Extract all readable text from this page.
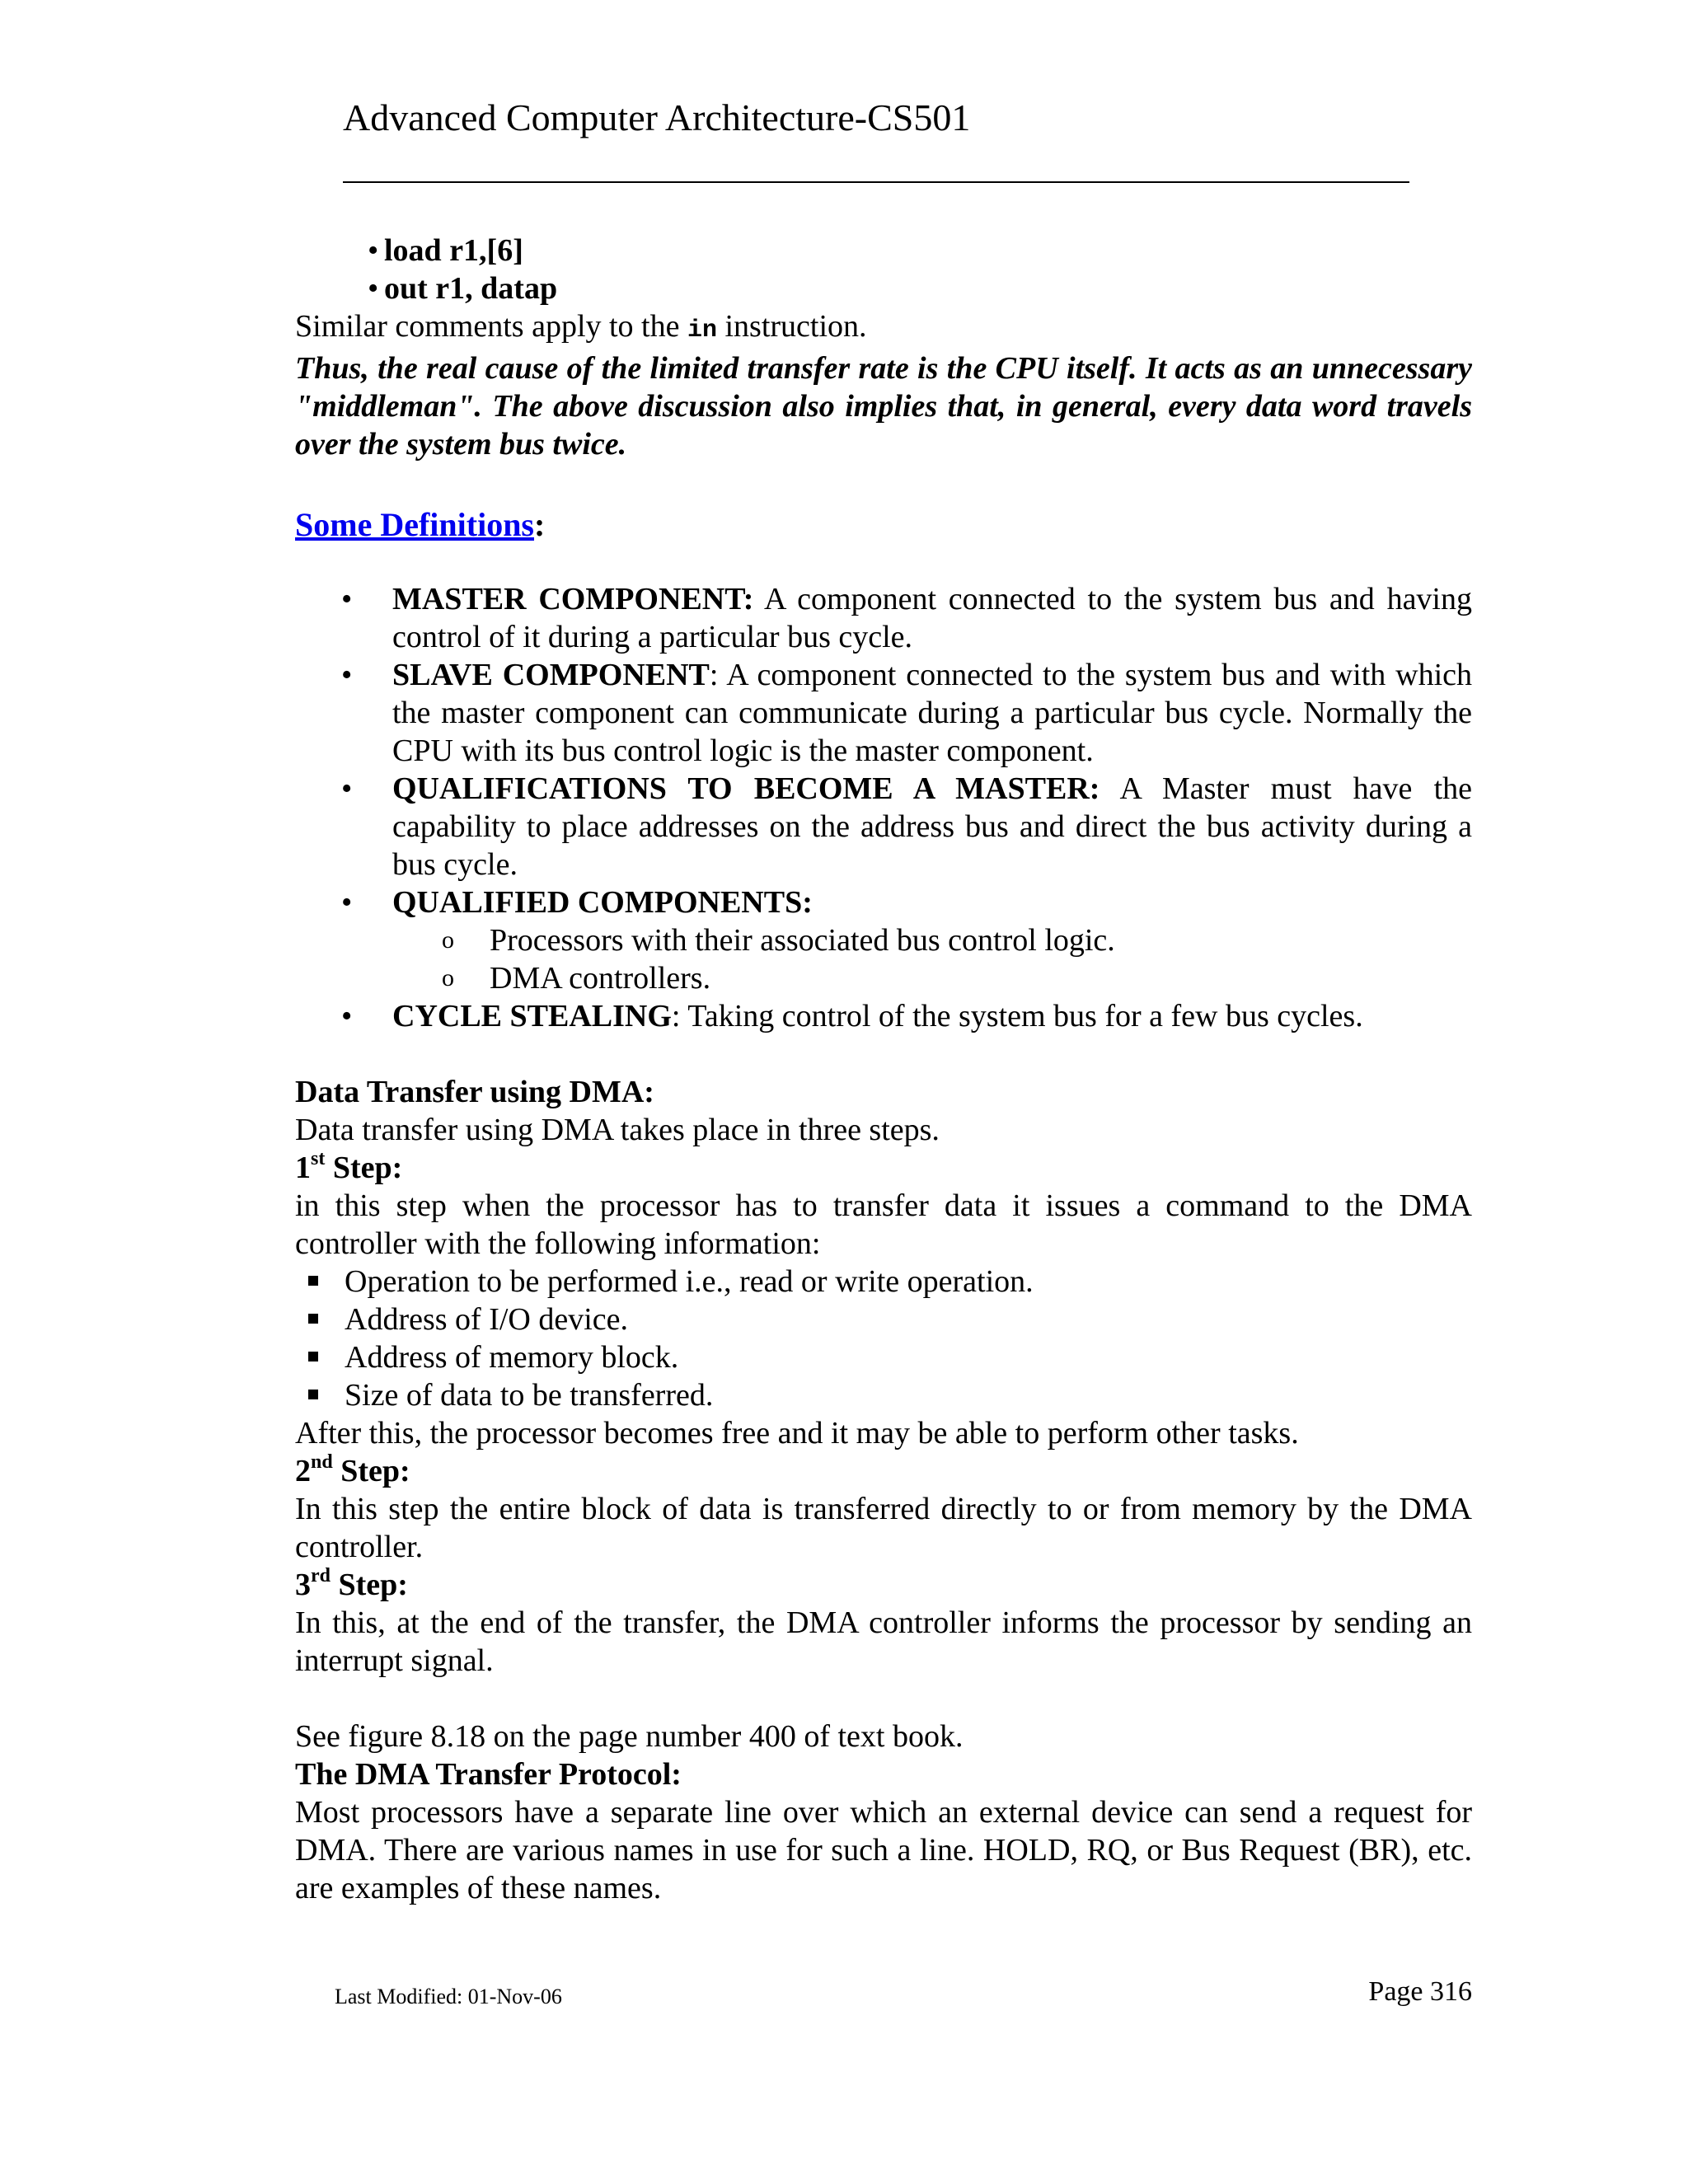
Advanced Computer Architecture-CS501
• load r1,[6]
• out r1, datap

Similar comments apply to the in instruction.

Thus, the real cause of the limited transfer rate is the CPU itself. It acts as an unnecessary "middleman". The above discussion also implies that, in general, every data word travels over the system bus twice.

Some Definitions:
• MASTER COMPONENT: A component connected to the system bus and having control of it during a particular bus cycle.
• SLAVE COMPONENT: A component connected to the system bus and with which the master component can communicate during a particular bus cycle. Normally the CPU with its bus control logic is the master component.
• QUALIFICATIONS TO BECOME A MASTER: A Master must have the capability to place addresses on the address bus and direct the bus activity during a bus cycle.
• QUALIFIED COMPONENTS:
o Processors with their associated bus control logic.
o DMA controllers.
• CYCLE STEALING: Taking control of the system bus for a few bus cycles.

Data Transfer using DMA:

Data transfer using DMA takes place in three steps.

1st Step:

in this step when the processor has to transfer data it issues a command to the DMA controller with the following information:

Operation to be performed i.e., read or write operation.
Address of I/O device.
Address of memory block.
Size of data to be transferred.

After this, the processor becomes free and it may be able to perform other tasks.

2nd Step:

In this step the entire block of data is transferred directly to or from memory by the DMA controller.

3rd Step:

In this, at the end of the transfer, the DMA controller informs the processor by sending an interrupt signal.

See figure 8.18 on the page number 400 of text book.

The DMA Transfer Protocol:

Most processors have a separate line over which an external device can send a request for DMA. There are various names in use for such a line. HOLD, RQ, or Bus Request (BR), etc. are examples of these names.

Last Modified: 01-Nov-06	Page 316
